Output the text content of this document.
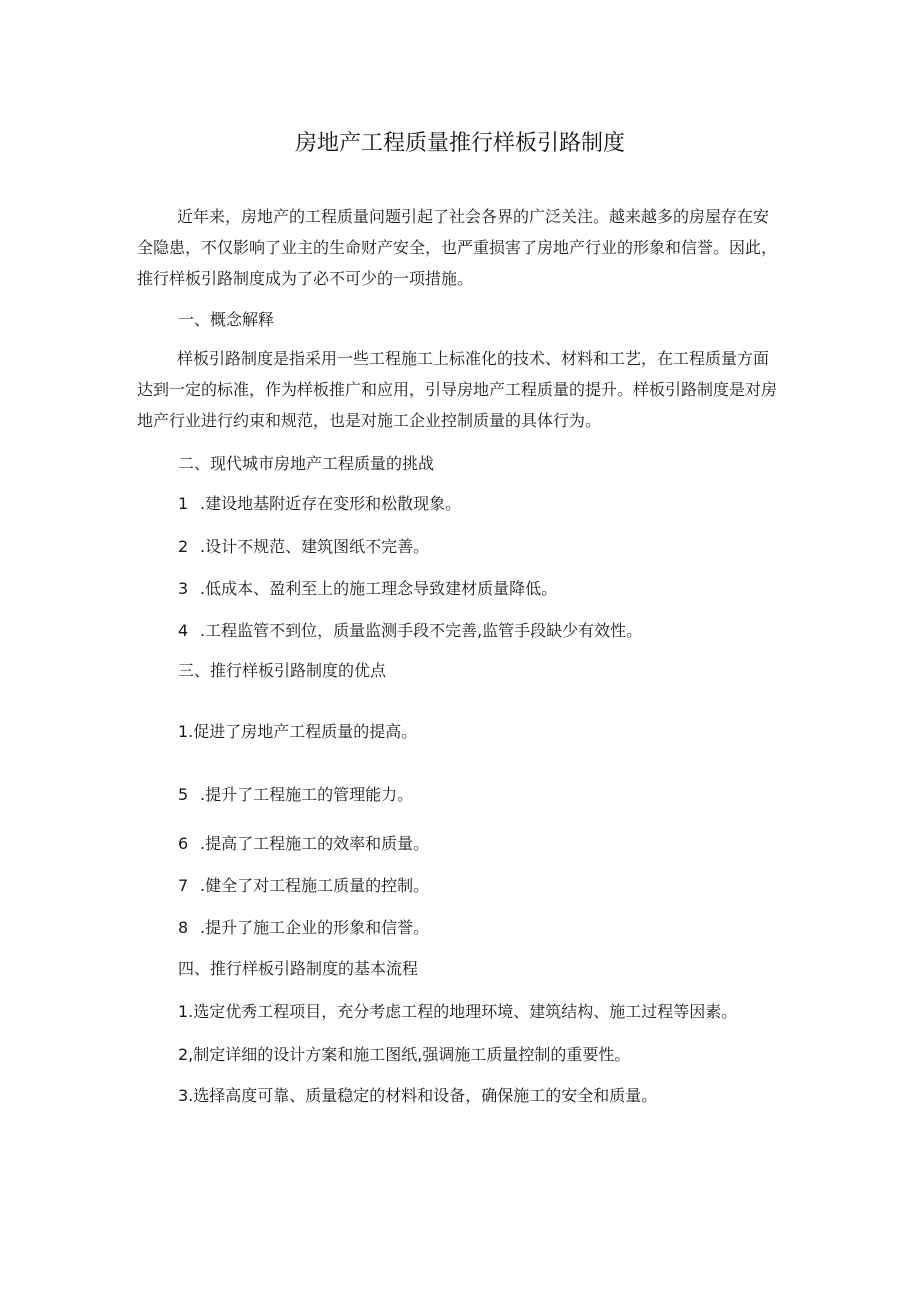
房地产工程质量推行样板引路制度

近年来，房地产的工程质量问题引起了社会各界的广泛关注。越来越多的房屋存在安全隐患，不仅影响了业主的生命财产安全，也严重损害了房地产行业的形象和信誉。因此，推行样板引路制度成为了必不可少的一项措施。

一、概念解释

样板引路制度是指采用一些工程施工上标准化的技术、材料和工艺，在工程质量方面达到一定的标准，作为样板推广和应用，引导房地产工程质量的提升。样板引路制度是对房地产行业进行约束和规范，也是对施工企业控制质量的具体行为。

二、现代城市房地产工程质量的挑战
1 .建设地基附近存在变形和松散现象。
2 .设计不规范、建筑图纸不完善。
3 .低成本、盈利至上的施工理念导致建材质量降低。
4 .工程监管不到位，质量监测手段不完善,监管手段缺少有效性。
三、推行样板引路制度的优点
1.促进了房地产工程质量的提高。
5 .提升了工程施工的管理能力。
6 .提高了工程施工的效率和质量。
7 .健全了对工程施工质量的控制。
8 .提升了施工企业的形象和信誉。
四、推行样板引路制度的基本流程
1.选定优秀工程项目，充分考虑工程的地理环境、建筑结构、施工过程等因素。
2,制定详细的设计方案和施工图纸,强调施工质量控制的重要性。
3.选择高度可靠、质量稳定的材料和设备，确保施工的安全和质量。
